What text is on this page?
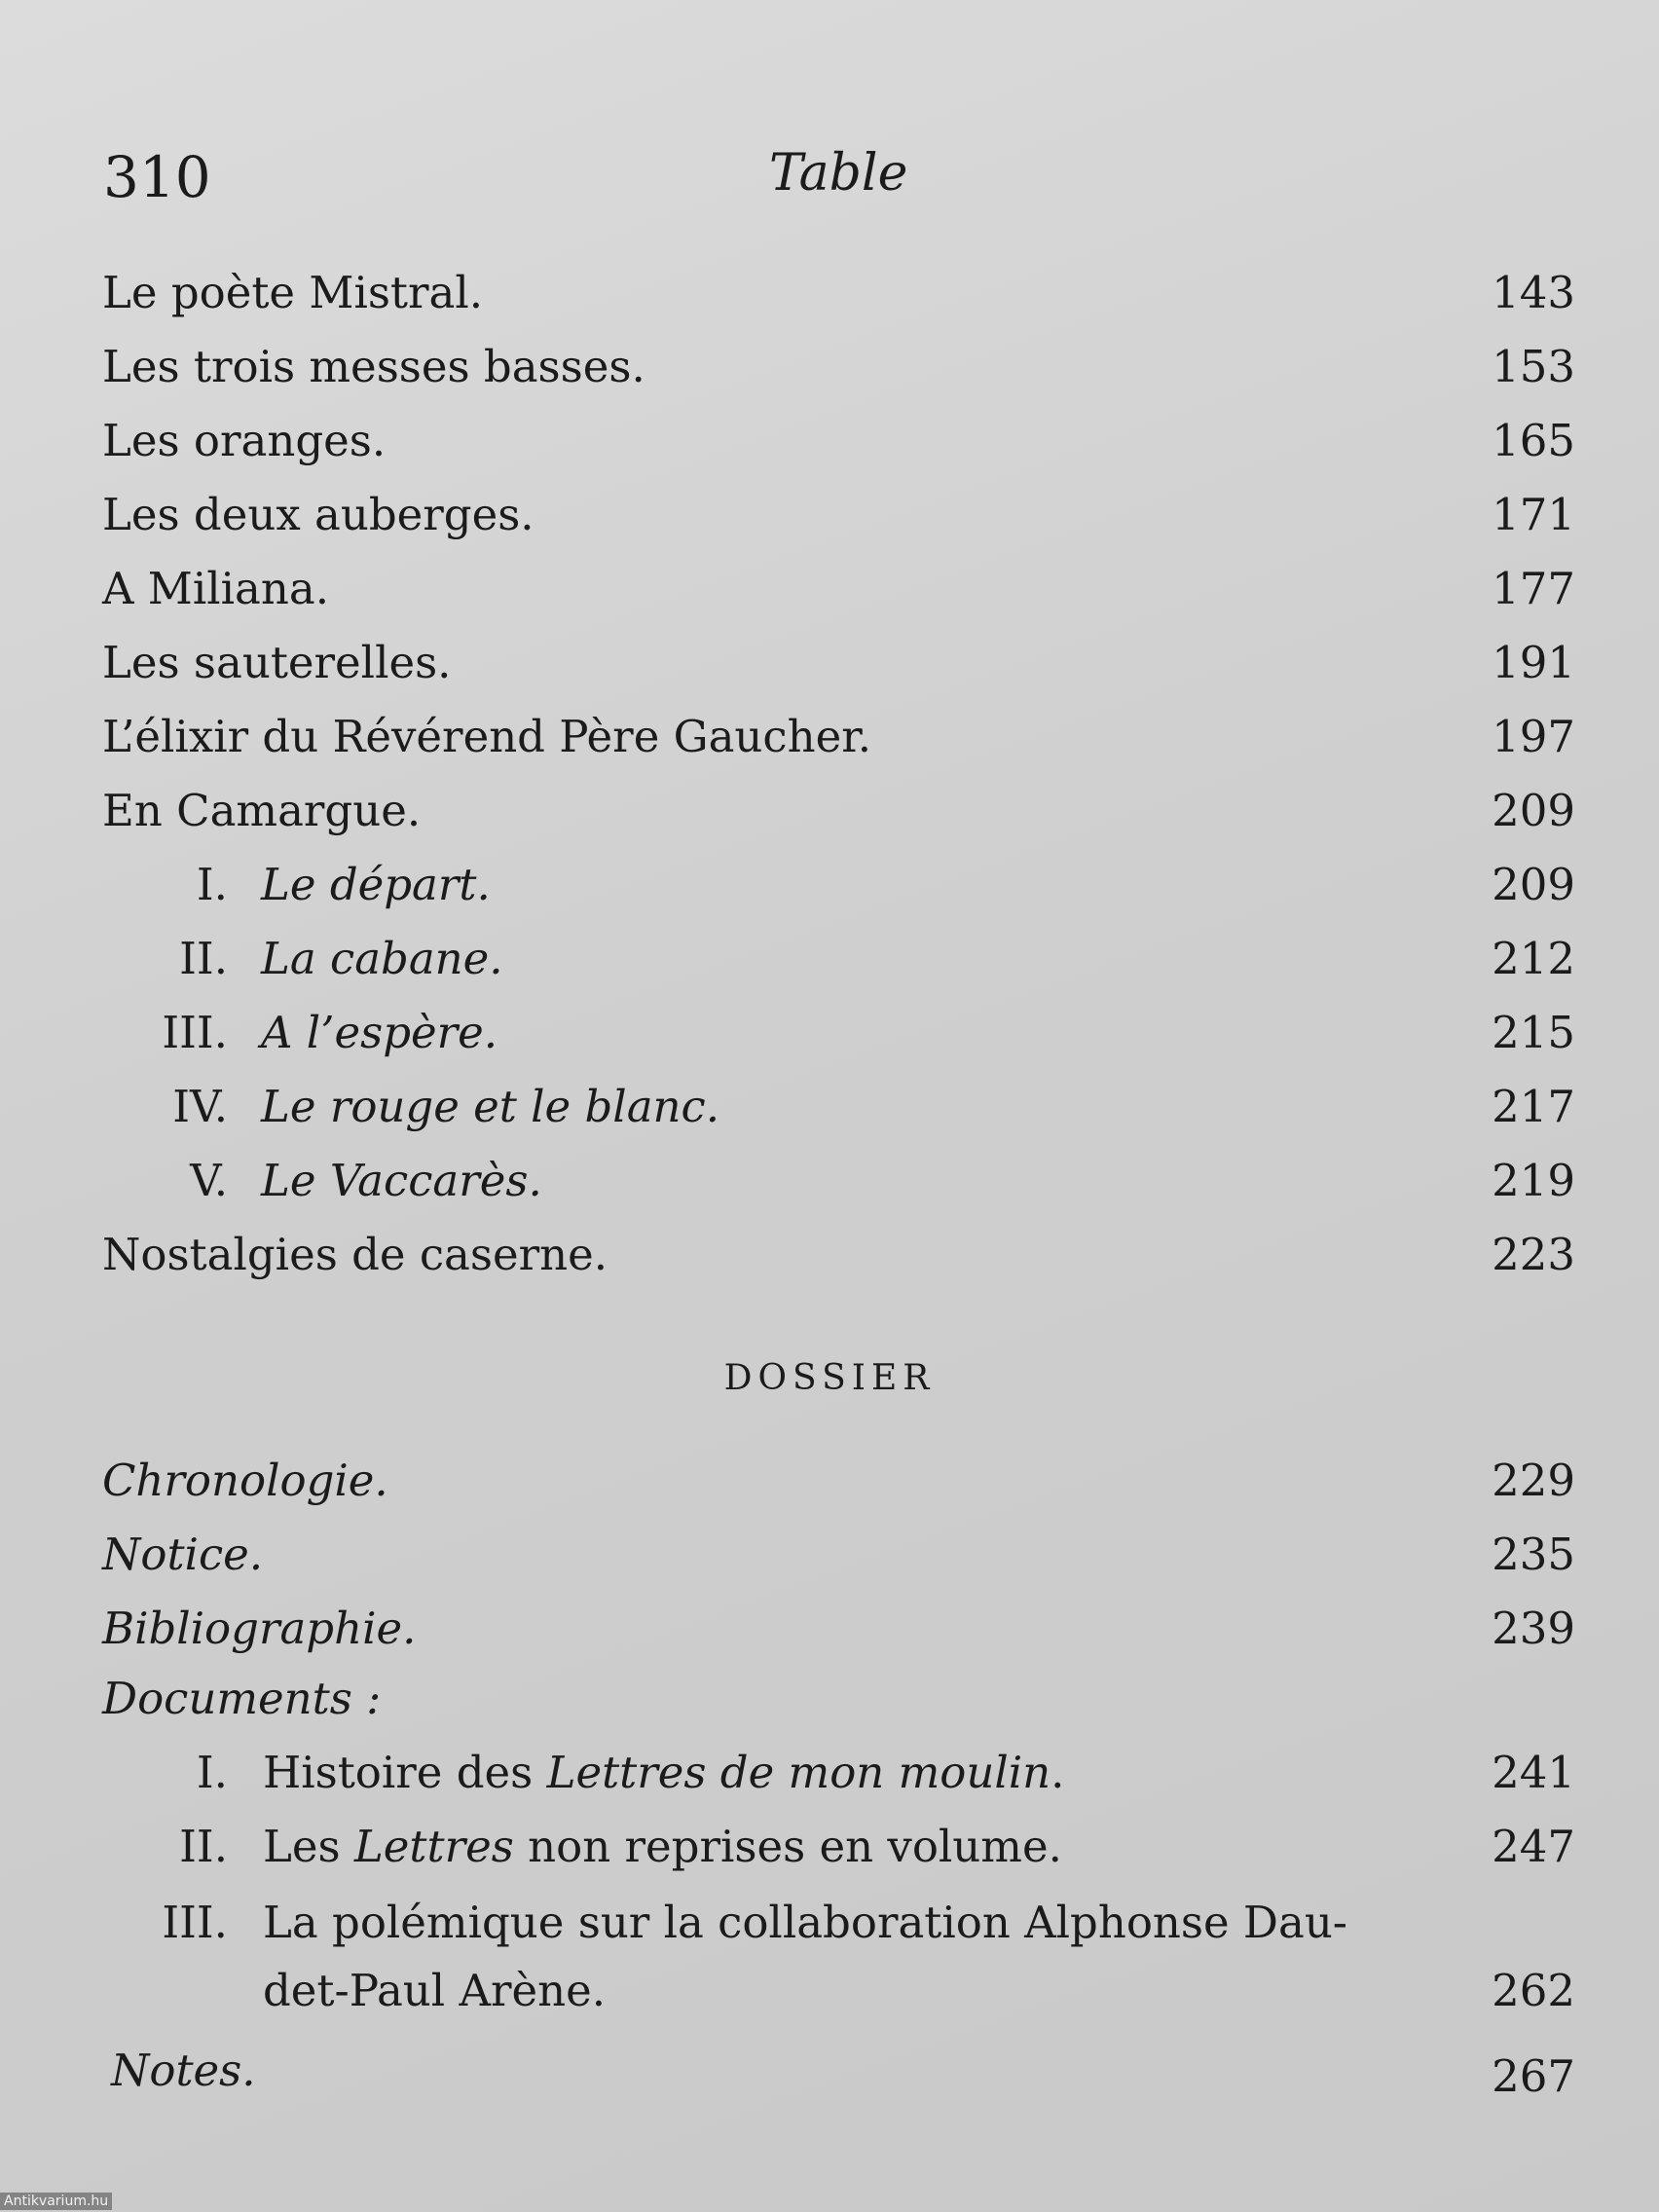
310	Table
Le poète Mistral.	143
Les trois messes basses.	153
Les oranges.	165
Les deux auberges.	171
A Miliana.	177
Les sauterelles.	191
L’élixir du Révérend Père Gaucher.	197
En Camargue.	209
I. Le départ.	209
II. La cabane.	212
III. A l’espère.	215
IV. Le rouge et le blanc.	217
V. Le Vaccarès.	219
Nostalgies de caserne.	223
DOSSIER
Chronologie.	229
Notice.	235
Bibliographie.	239
Documents :
I. Histoire des Lettres de mon moulin.	241
II. Les Lettres non reprises en volume.	247
III. La polémique sur la collaboration Alphonse Dau-
det-Paul Arène.	262
Notes.	267
Antikvarium.hu
